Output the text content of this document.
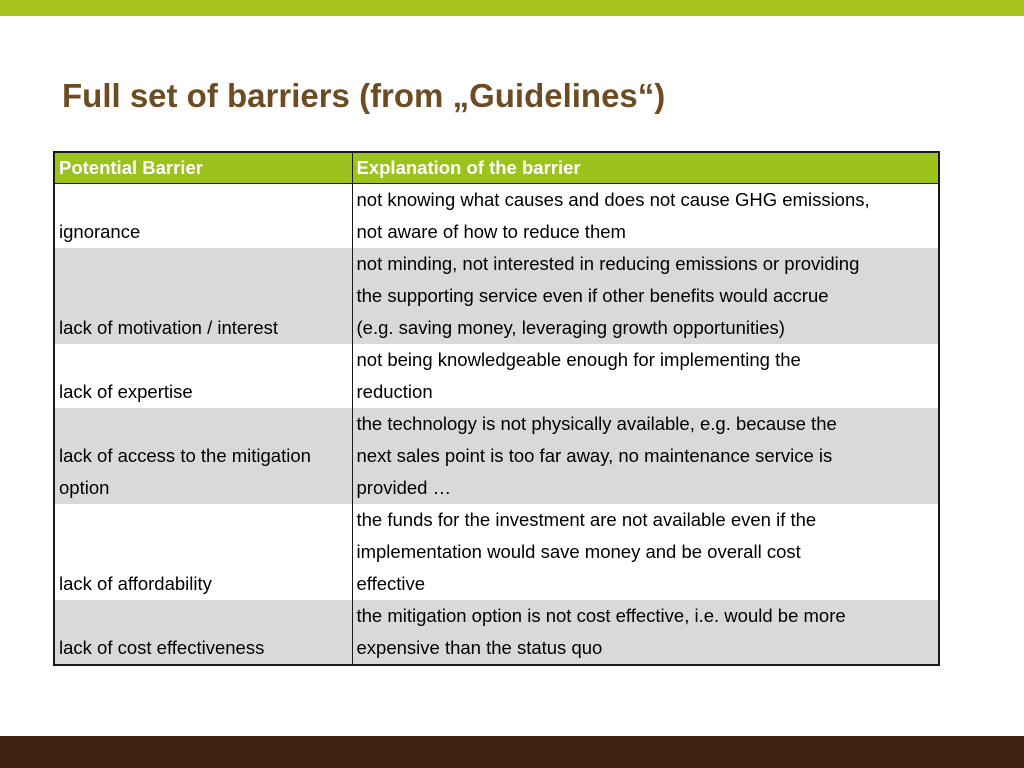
Full set of barriers (from „Guidelines“)
Potential Barrier	Explanation of the barrier
ignorance	not knowing what causes and does not cause GHG emissions,
not aware of how to reduce them

lack of motivation / interest	not minding, not interested in reducing emissions or providing
the supporting service even if other benefits would accrue
(e.g. saving money, leveraging growth opportunities)

lack of expertise	not being knowledgeable enough for implementing the
reduction

lack of access to the mitigation option	the technology is not physically available, e.g. because the
next sales point is too far away, no maintenance service is
provided …

lack of affordability	the funds for the investment are not available even if the
implementation would save money and be overall cost
effective

lack of cost effectiveness	the mitigation option is not cost effective, i.e. would be more
expensive than the status quo
